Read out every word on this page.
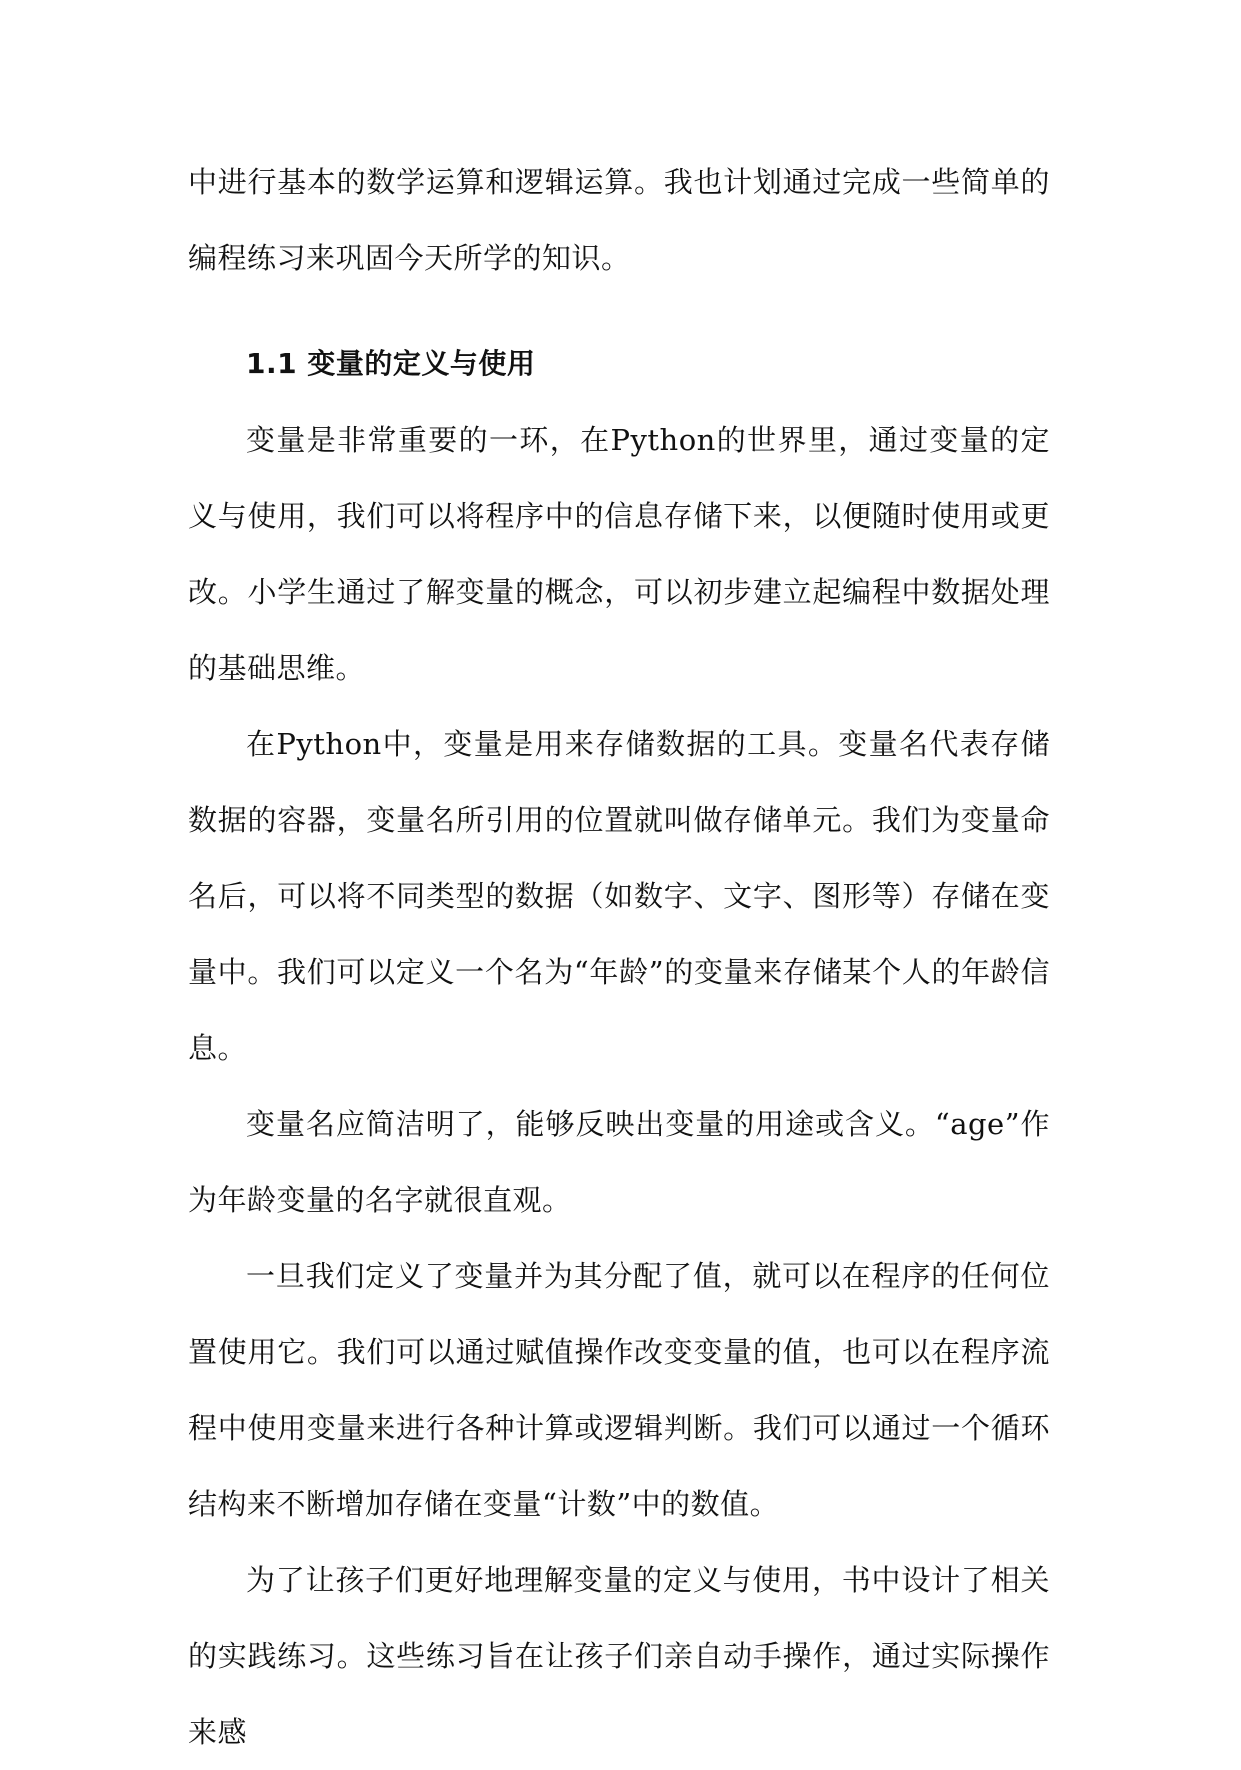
中进行基本的数学运算和逻辑运算。我也计划通过完成一些简单的编程练习来巩固今天所学的知识。

1.1 变量的定义与使用

变量是非常重要的一环，在Python的世界里，通过变量的定义与使用，我们可以将程序中的信息存储下来，以便随时使用或更改。小学生通过了解变量的概念，可以初步建立起编程中数据处理的基础思维。

在Python中，变量是用来存储数据的工具。变量名代表存储数据的容器，变量名所引用的位置就叫做存储单元。我们为变量命名后，可以将不同类型的数据（如数字、文字、图形等）存储在变量中。我们可以定义一个名为“年龄”的变量来存储某个人的年龄信息。

变量名应简洁明了，能够反映出变量的用途或含义。“age”作为年龄变量的名字就很直观。

一旦我们定义了变量并为其分配了值，就可以在程序的任何位置使用它。我们可以通过赋值操作改变变量的值，也可以在程序流程中使用变量来进行各种计算或逻辑判断。我们可以通过一个循环结构来不断增加存储在变量“计数”中的数值。

为了让孩子们更好地理解变量的定义与使用，书中设计了相关的实践练习。这些练习旨在让孩子们亲自动手操作，通过实际操作来感
